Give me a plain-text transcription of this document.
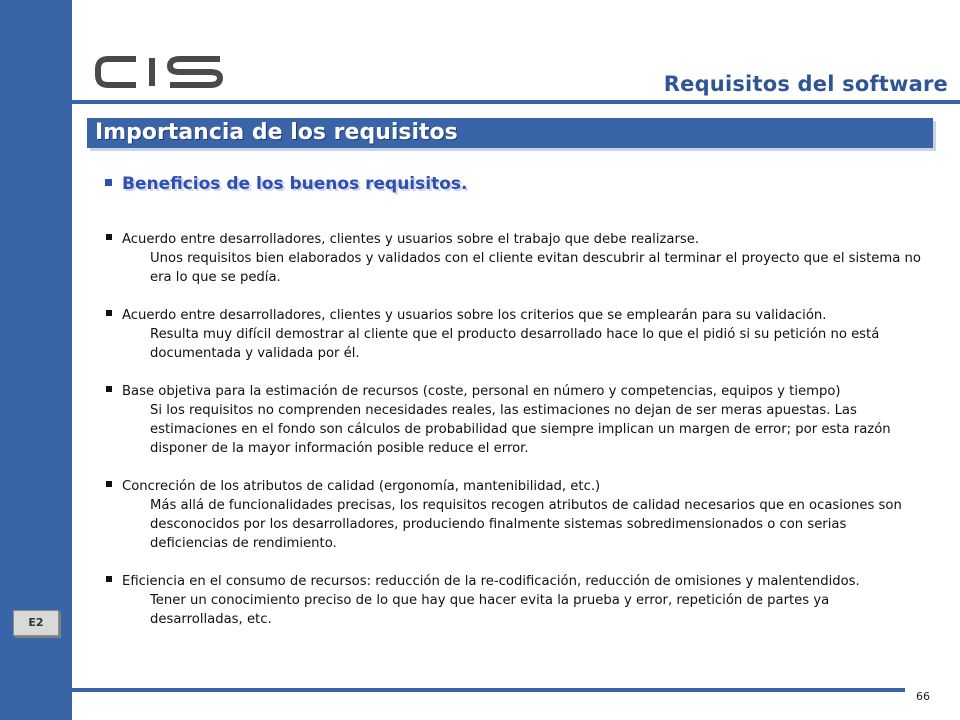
E2
Requisitos del software
Importancia de los requisitos
Beneficios de los buenos requisitos.
Acuerdo entre desarrolladores, clientes y usuarios sobre el trabajo que debe realizarse.
Unos requisitos bien elaborados y validados con el cliente evitan descubrir al terminar el proyecto que el sistema no era lo que se pedía.
Acuerdo entre desarrolladores, clientes y usuarios sobre los criterios que se emplearán para su validación.
Resulta muy difícil demostrar al cliente que el producto desarrollado hace lo que el pidió si su petición no está documentada y validada por él.
Base objetiva para la estimación de recursos (coste, personal en número y competencias, equipos y tiempo)
Si los requisitos no comprenden necesidades reales, las estimaciones no dejan de ser meras apuestas. Las estimaciones en el fondo son cálculos de probabilidad que siempre implican un margen de error; por esta razón disponer de la mayor información posible reduce el error.
Concreción de los atributos de calidad (ergonomía, mantenibilidad, etc.)
Más allá de funcionalidades precisas, los requisitos recogen atributos de calidad necesarios que en ocasiones son desconocidos por los desarrolladores, produciendo finalmente sistemas sobredimensionados o con serias deficiencias de rendimiento.
Eficiencia en el consumo de recursos: reducción de la re-codificación, reducción de omisiones y malentendidos.
Tener un conocimiento preciso de lo que hay que hacer evita la prueba y error, repetición de partes ya desarrolladas, etc.
66
